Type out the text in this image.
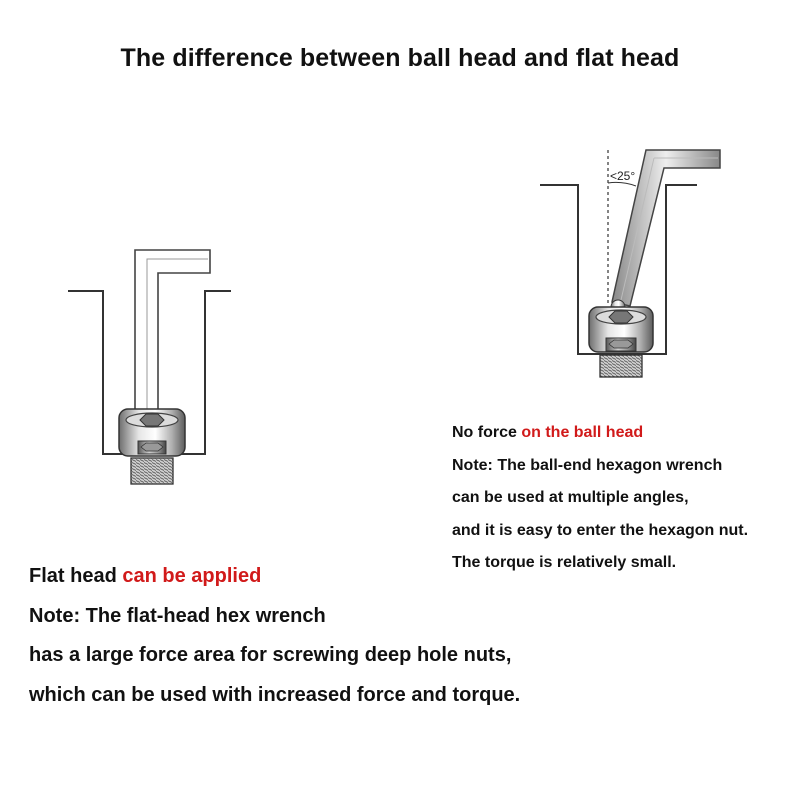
The difference between ball head and flat head
<25°
No force on the ball head
Note: The ball-end hexagon wrench
can be used at multiple angles,
and it is easy to enter the hexagon nut.
The torque is relatively small.
Flat head can be applied
Note: The flat-head hex wrench
has a large force area for screwing deep hole nuts,
which can be used with increased force and torque.
